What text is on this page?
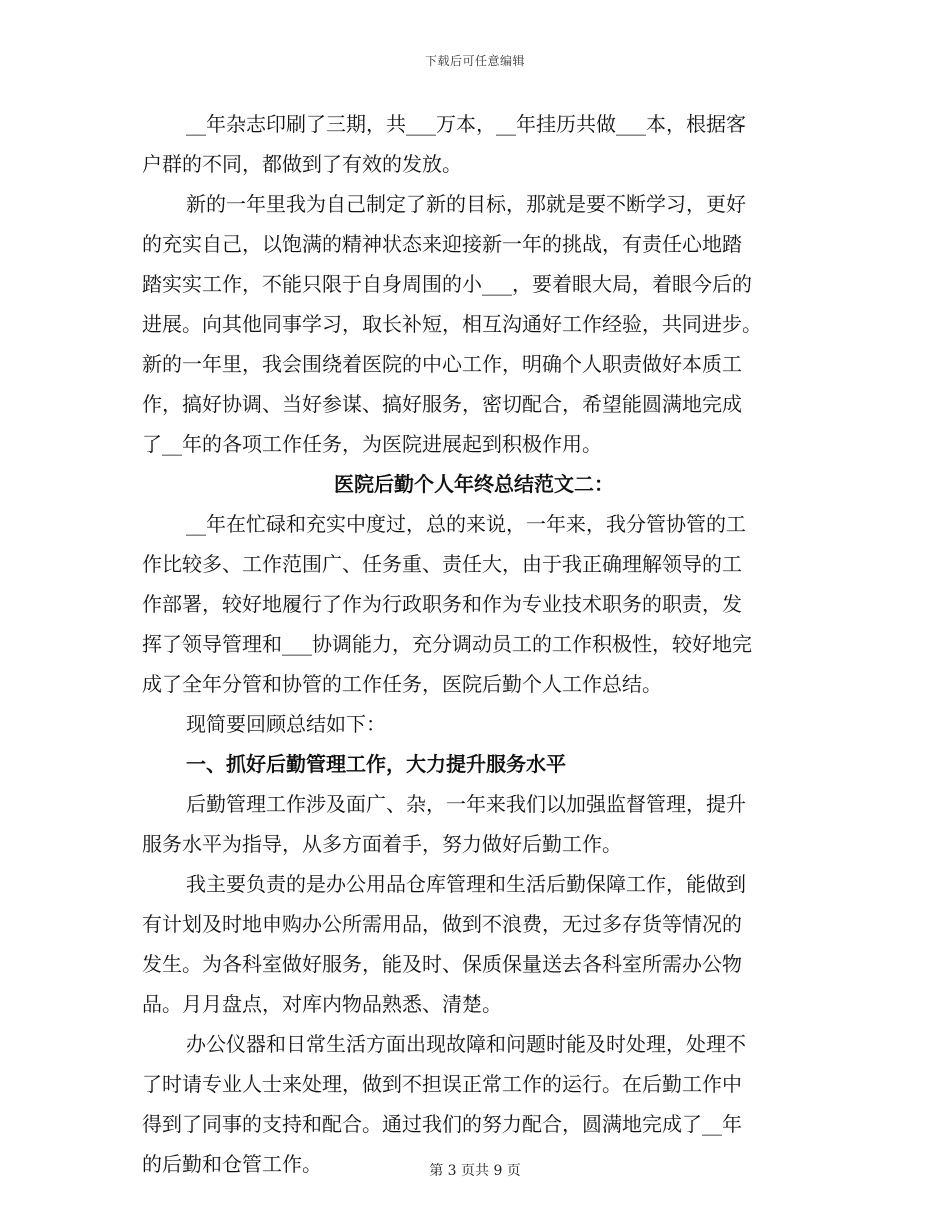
下载后可任意编辑
__年杂志印刷了三期，共___万本，__年挂历共做___本，根据客
户群的不同，都做到了有效的发放。
新的一年里我为自己制定了新的目标，那就是要不断学习，更好
的充实自己，以饱满的精神状态来迎接新一年的挑战，有责任心地踏
踏实实工作，不能只限于自身周围的小___，要着眼大局，着眼今后的
进展。向其他同事学习，取长补短，相互沟通好工作经验，共同进步。
新的一年里，我会围绕着医院的中心工作，明确个人职责做好本质工
作，搞好协调、当好参谋、搞好服务，密切配合，希望能圆满地完成
了__年的各项工作任务，为医院进展起到积极作用。
医院后勤个人年终总结范文二：
__年在忙碌和充实中度过，总的来说，一年来，我分管协管的工
作比较多、工作范围广、任务重、责任大，由于我正确理解领导的工
作部署，较好地履行了作为行政职务和作为专业技术职务的职责，发
挥了领导管理和___协调能力，充分调动员工的工作积极性，较好地完
成了全年分管和协管的工作任务，医院后勤个人工作总结。
现简要回顾总结如下：
一、抓好后勤管理工作，大力提升服务水平
后勤管理工作涉及面广、杂，一年来我们以加强监督管理，提升
服务水平为指导，从多方面着手，努力做好后勤工作。
我主要负责的是办公用品仓库管理和生活后勤保障工作，能做到
有计划及时地申购办公所需用品，做到不浪费，无过多存货等情况的
发生。为各科室做好服务，能及时、保质保量送去各科室所需办公物
品。月月盘点，对库内物品熟悉、清楚。
办公仪器和日常生活方面出现故障和问题时能及时处理，处理不
了时请专业人士来处理，做到不担误正常工作的运行。在后勤工作中
得到了同事的支持和配合。通过我们的努力配合，圆满地完成了__年
的后勤和仓管工作。	第 3 页共 9 页
